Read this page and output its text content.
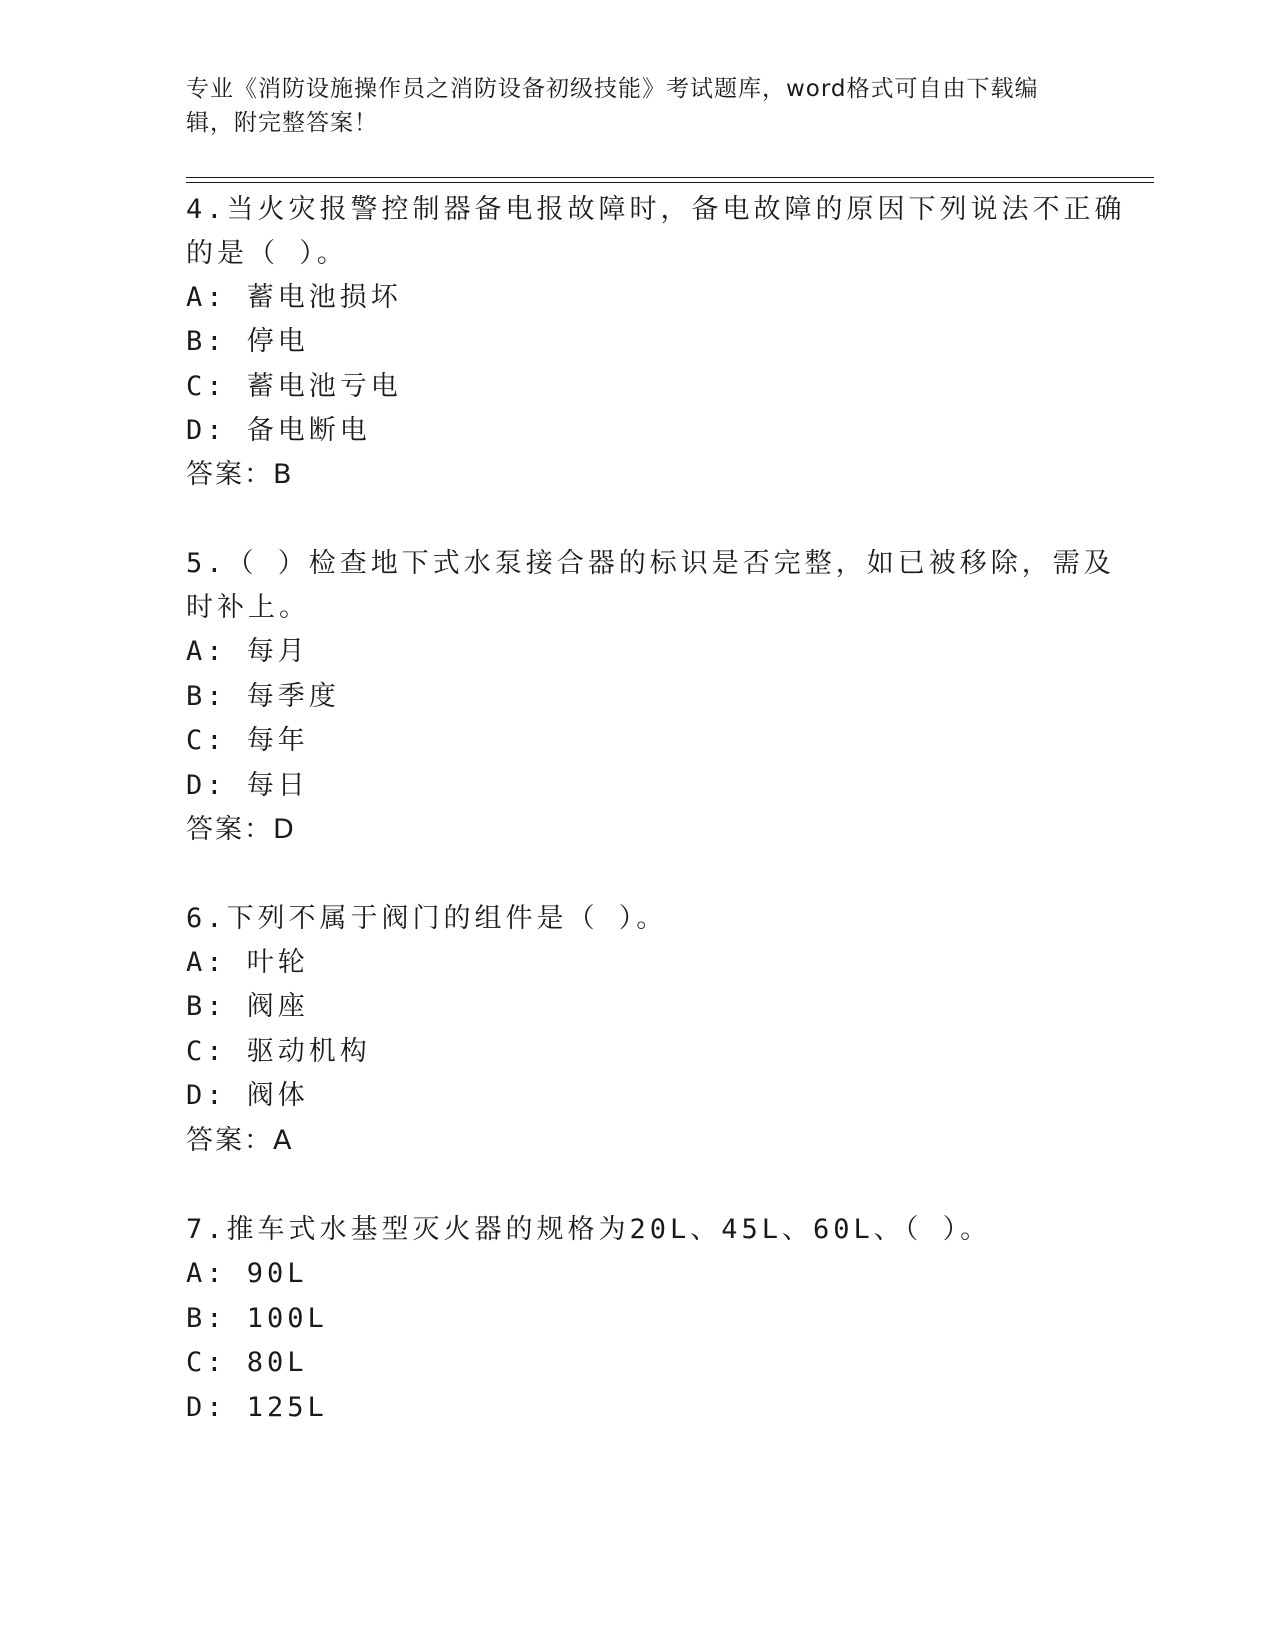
专业《消防设施操作员之消防设备初级技能》考试题库，word格式可自由下载编
辑，附完整答案！
4.当火灾报警控制器备电报故障时，备电故障的原因下列说法不正确
的是（ ）。
A: 蓄电池损坏
B: 停电
C: 蓄电池亏电
D: 备电断电
答案：B
5.（ ）检查地下式水泵接合器的标识是否完整，如已被移除，需及
时补上。
A: 每月
B: 每季度
C: 每年
D: 每日
答案：D
6.下列不属于阀门的组件是（ ）。
A: 叶轮
B: 阀座
C: 驱动机构
D: 阀体
答案：A
7.推车式水基型灭火器的规格为20L、45L、60L、（ ）。
A: 90L
B: 100L
C: 80L
D: 125L
